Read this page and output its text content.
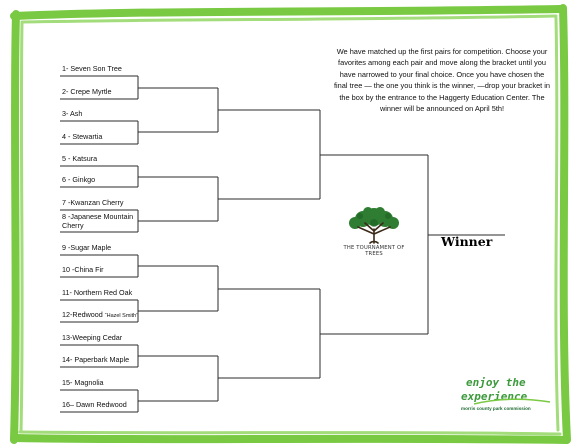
THE TOURNAMENT OF TREES
1- Seven Son Tree
2- Crepe Myrtle
3- Ash
4 - Stewartia
5 - Katsura
6 - Ginkgo
7 -Kwanzan Cherry
8 -Japanese Mountain Cherry
9 -Sugar Maple
10 -China Fir
11- Northern Red Oak
12-Redwood “Hazel Smith”
13-Weeping Cedar
14- Paperbark Maple
15- Magnolia
16– Dawn Redwood
We have matched up the first pairs for competition. Choose your favorites among each pair and move along the bracket until you have narrowed to your final choice. Once you have chosen the final tree — the one you think is the winner, —drop your bracket in the box by the entrance to the Haggerty Education Center. The winner will be announced on April 5th!
Winner
enjoy the
experience
morris county park commission
